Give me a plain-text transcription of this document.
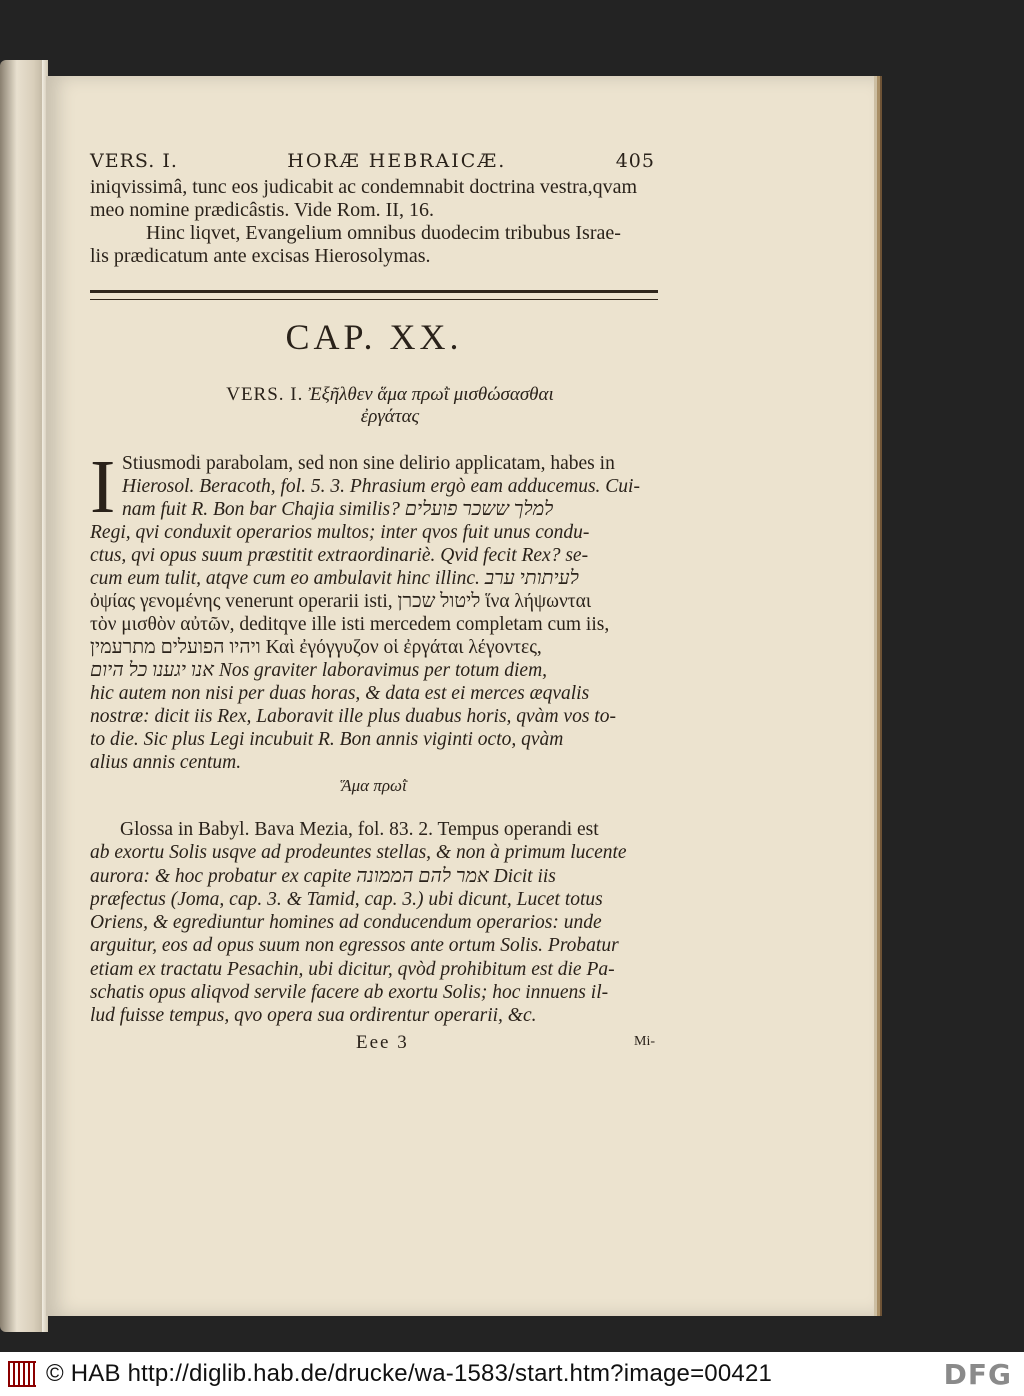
VERS. I.	HORÆ HEBRAICÆ.	405
iniqvissimâ, tunc eos judicabit ac condemnabit doctrina vestra,qvam
meo nomine prædicâstis. Vide Rom. II, 16.
Hinc liqvet, Evangelium omnibus duodecim tribubus Israe-
lis prædicatum ante excisas Hierosolymas.
CAP. XX.
VERS. I. Ἐξῆλθεν ἅμα πρωῒ μισθώσασθαι
ἐργάτας
I Stiusmodi parabolam, sed non sine delirio applicatam, habes in
Hierosol. Beracoth, fol. 5. 3. Phrasium ergò eam adducemus. Cui-
nam fuit R. Bon bar Chajia similis? למלך ששכר פועלים
Regi, qvi conduxit operarios multos; inter qvos fuit unus condu-
ctus, qvi opus suum præstitit extraordinariè. Qvid fecit Rex? se-
cum eum tulit, atqve cum eo ambulavit hinc illinc. לעיתותי ערב
ὀψίας γενομένης venerunt operarii isti, ליטול שכרן ἵνα λήψωνται
τὸν μισθὸν αὐτῶν, deditqve ille isti mercedem completam cum iis,
ויהיו הפועלים מתרעמין Καὶ ἐγόγγυζον οἱ ἐργάται λέγοντες,
אנו יגענו כל היום Nos graviter laboravimus per totum diem,
hic autem non nisi per duas horas, & data est ei merces æqvalis
nostræ: dicit iis Rex, Laboravit ille plus duabus horis, qvàm vos to-
to die. Sic plus Legi incubuit R. Bon annis viginti octo, qvàm
alius annis centum.
Ἅμα πρωῒ
Glossa in Babyl. Bava Mezia, fol. 83. 2. Tempus operandi est
ab exortu Solis usqve ad prodeuntes stellas, & non à primum lucente
aurora: & hoc probatur ex capite אמר להם הממונה Dicit iis
præfectus (Joma, cap. 3. & Tamid, cap. 3.) ubi dicunt, Lucet totus
Oriens, & egrediuntur homines ad conducendum operarios: unde
arguitur, eos ad opus suum non egressos ante ortum Solis. Probatur
etiam ex tractatu Pesachin, ubi dicitur, qvòd prohibitum est die Pa-
schatis opus aliqvod servile facere ab exortu Solis; hoc innuens il-
lud fuisse tempus, qvo opera sua ordirentur operarii, &c.
Eee 3	Mi-
© HAB http://diglib.hab.de/drucke/wa-1583/start.htm?image=00421	DFG
